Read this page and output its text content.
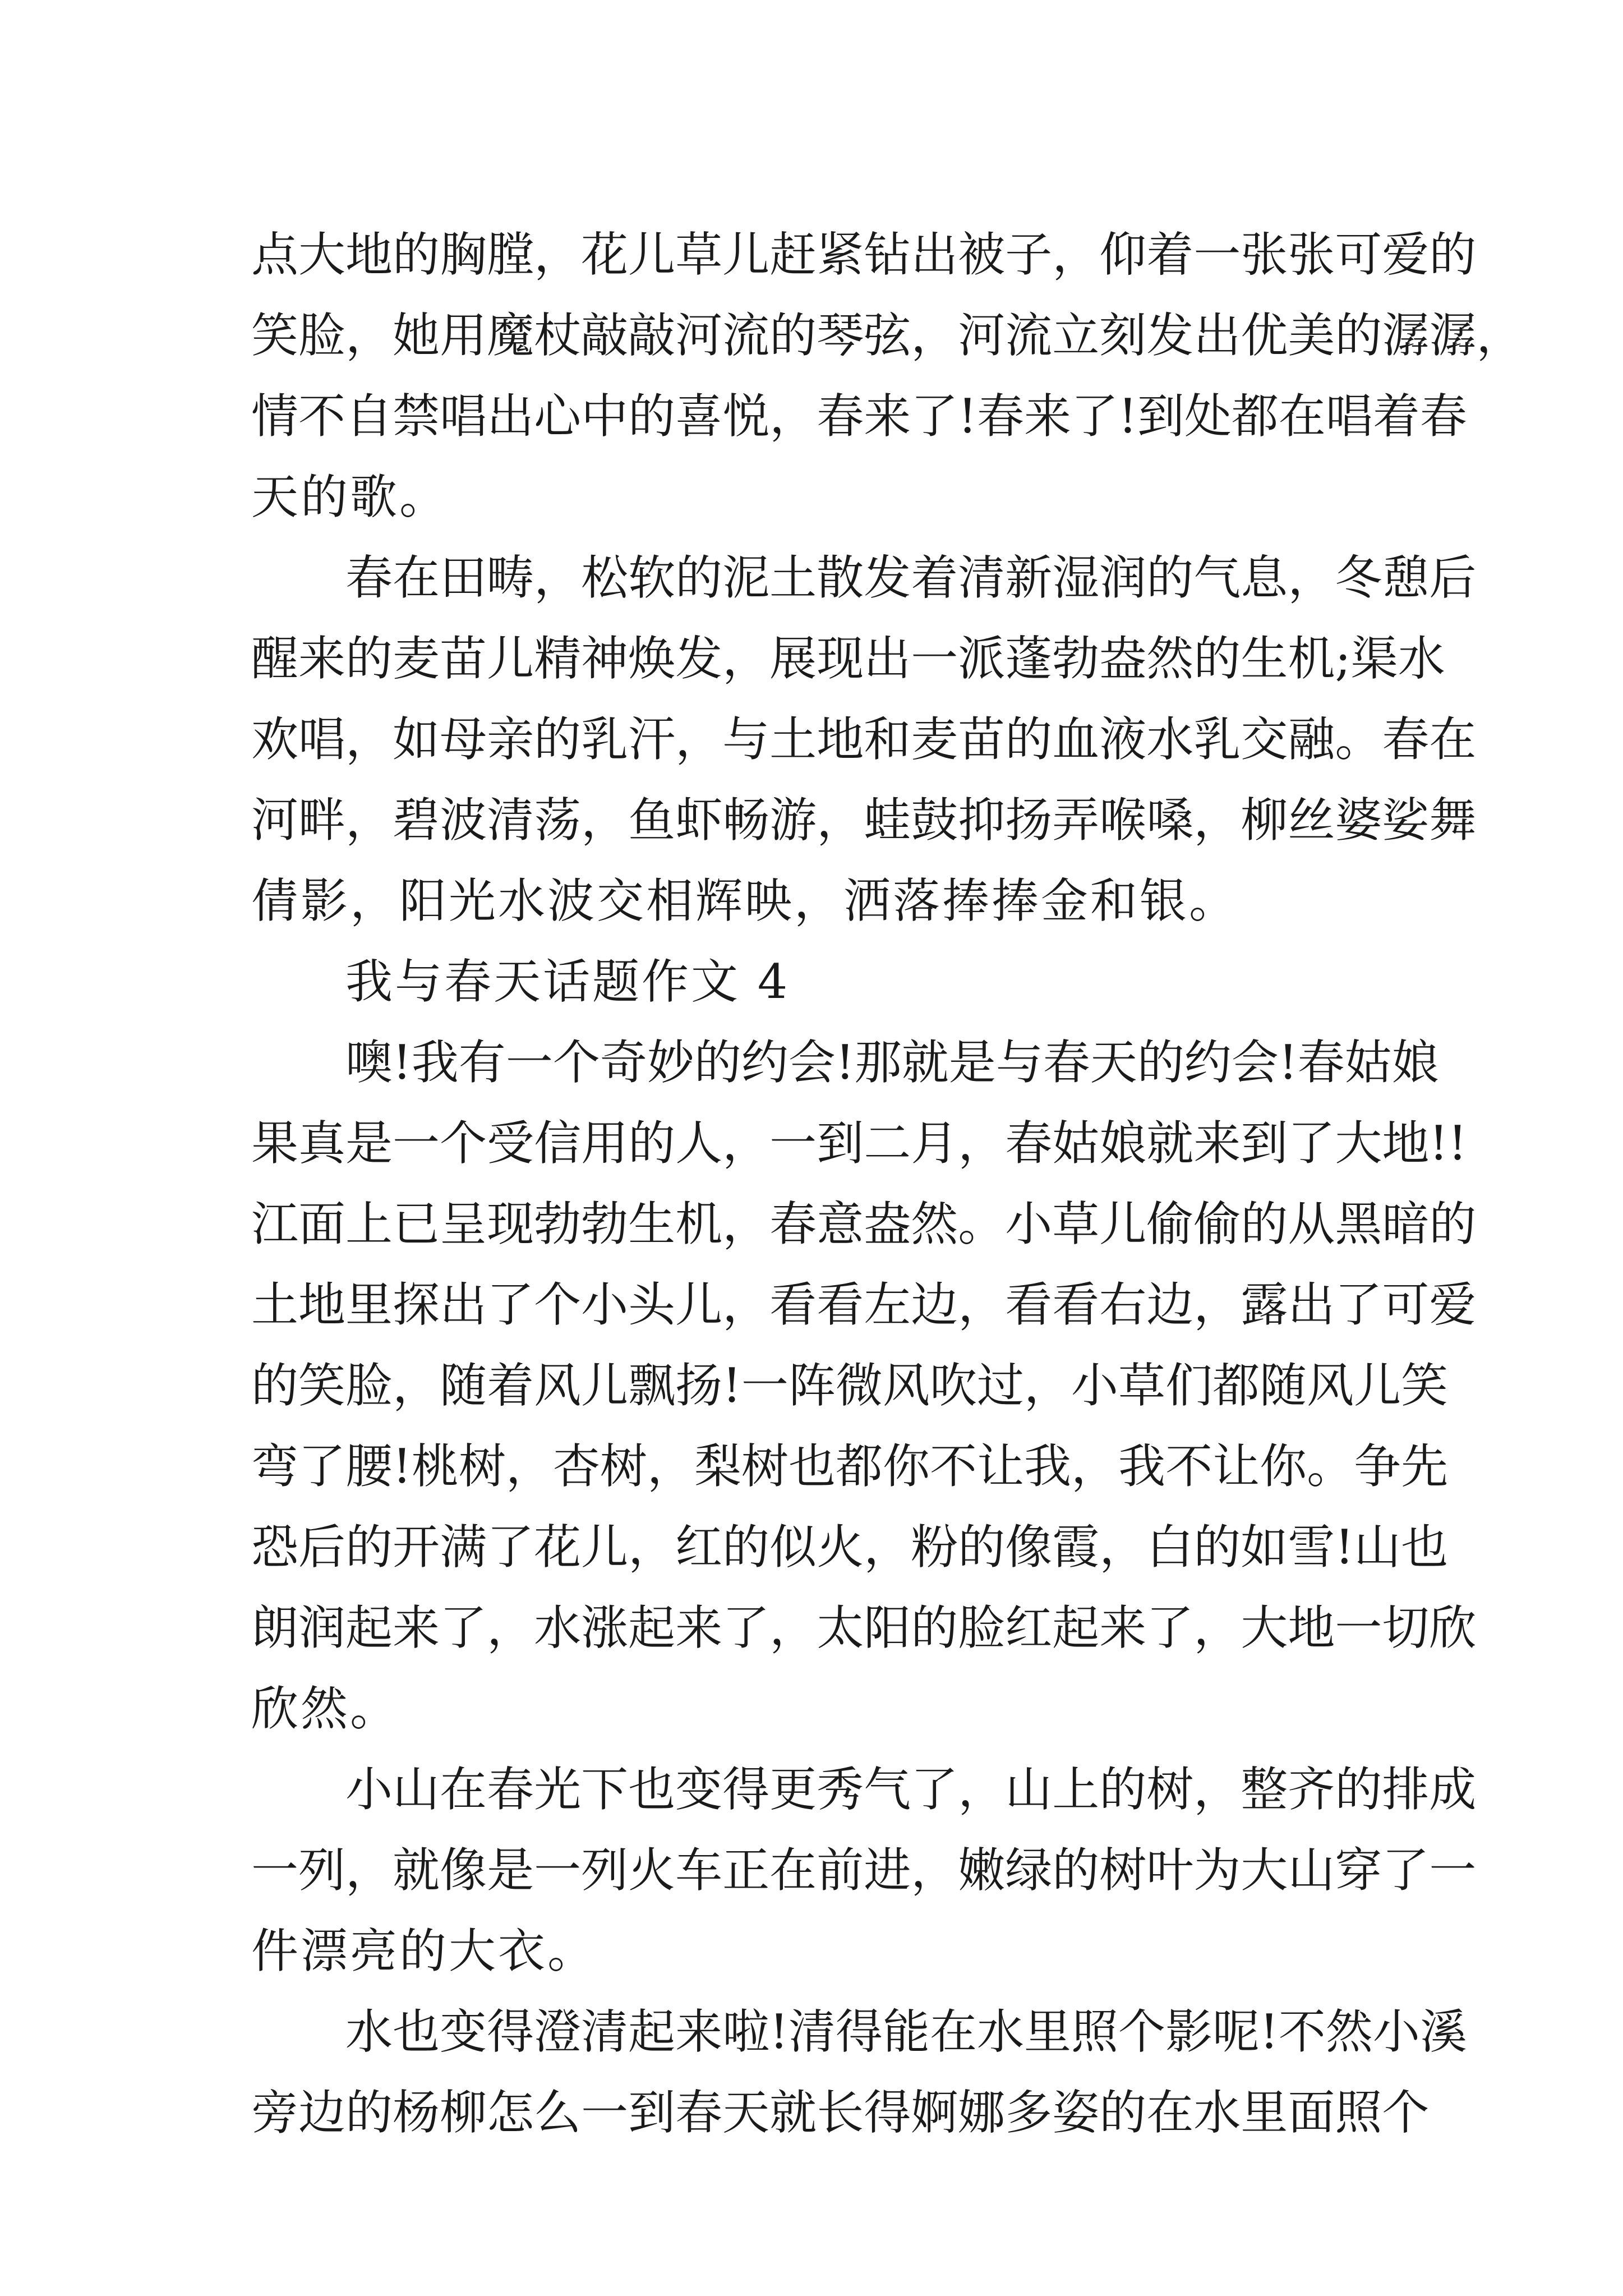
点 大 地 的 胸 膛 ， 花 儿 草 儿 赶 紧 钻 出 被 子 ， 仰 着 一 张 张 可 爱 的
笑 脸 ， 她 用 魔 杖 敲 敲 河 流 的 琴 弦 ， 河 流 立 刻 发 出 优 美 的 潺 潺 ，
情 不 自 禁 唱 出 心 中 的 喜 悦 ， 春 来 了 ! 春 来 了 ! 到 处 都 在 唱 着 春
天的歌。
春 在 田 畴 ， 松 软 的 泥 土 散 发 着 清 新 湿 润 的 气 息 ， 冬 憩 后
醒 来 的 麦 苗 儿 精 神 焕 发 ， 展 现 出 一 派 蓬 勃 盎 然 的 生 机 ; 渠 水
欢 唱 ， 如 母 亲 的 乳 汗 ， 与 土 地 和 麦 苗 的 血 液 水 乳 交 融 。 春 在
河 畔 ， 碧 波 清 荡 ， 鱼 虾 畅 游 ， 蛙 鼓 抑 扬 弄 喉 嗓 ， 柳 丝 婆 娑 舞
倩影，阳光水波交相辉映，洒落捧捧金和银。
我与春天话题作文 4
噢 ! 我 有 一 个 奇 妙 的 约 会 ! 那 就 是 与 春 天 的 约 会 ! 春 姑 娘
果 真 是 一 个 受 信 用 的 人 ， 一 到 二 月 ， 春 姑 娘 就 来 到 了 大 地 ! !
江 面 上 已 呈 现 勃 勃 生 机 ， 春 意 盎 然 。 小 草 儿 偷 偷 的 从 黑 暗 的
土 地 里 探 出 了 个 小 头 儿 ， 看 看 左 边 ， 看 看 右 边 ， 露 出 了 可 爱
的 笑 脸 ， 随 着 风 儿 飘 扬 ! 一 阵 微 风 吹 过 ， 小 草 们 都 随 风 儿 笑
弯 了 腰 ! 桃 树 ， 杏 树 ， 梨 树 也 都 你 不 让 我 ， 我 不 让 你 。 争 先
恐 后 的 开 满 了 花 儿 ， 红 的 似 火 ， 粉 的 像 霞 ， 白 的 如 雪 ! 山 也
朗 润 起 来 了 ， 水 涨 起 来 了 ， 太 阳 的 脸 红 起 来 了 ， 大 地 一 切 欣
欣然。
小 山 在 春 光 下 也 变 得 更 秀 气 了 ， 山 上 的 树 ， 整 齐 的 排 成
一 列 ， 就 像 是 一 列 火 车 正 在 前 进 ， 嫩 绿 的 树 叶 为 大 山 穿 了 一
件漂亮的大衣。
水 也 变 得 澄 清 起 来 啦 ! 清 得 能 在 水 里 照 个 影 呢 ! 不 然 小 溪
旁 边 的 杨 柳 怎 么 一 到 春 天 就 长 得 婀 娜 多 姿 的 在 水 里 面 照 个
